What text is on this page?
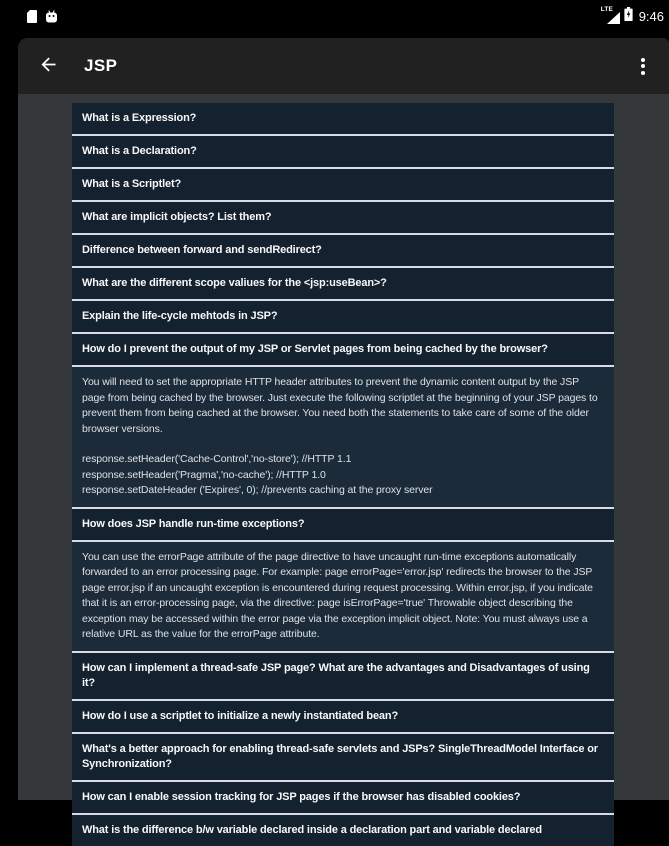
LTE 9:46
JSP
What is a Expression?
What is a Declaration?
What is a Scriptlet?
What are implicit objects? List them?
Difference between forward and sendRedirect?
What are the different scope valiues for the <jsp:useBean>?
Explain the life-cycle mehtods in JSP?
How do I prevent the output of my JSP or Servlet pages from being cached by the browser?
You will need to set the appropriate HTTP header attributes to prevent the dynamic content output by the JSP page from being cached by the browser. Just execute the following scriptlet at the beginning of your JSP pages to prevent them from being cached at the browser. You need both the statements to take care of some of the older browser versions.
response.setHeader('Cache-Control','no-store'); //HTTP 1.1
response.setHeader('Pragma','no-cache'); //HTTP 1.0
response.setDateHeader ('Expires', 0); //prevents caching at the proxy server
How does JSP handle run-time exceptions?
You can use the errorPage attribute of the page directive to have uncaught run-time exceptions automatically forwarded to an error processing page. For example: page errorPage='error.jsp' redirects the browser to the JSP page error.jsp if an uncaught exception is encountered during request processing. Within error.jsp, if you indicate that it is an error-processing page, via the directive: page isErrorPage='true' Throwable object describing the exception may be accessed within the error page via the exception implicit object. Note: You must always use a relative URL as the value for the errorPage attribute.
How can I implement a thread-safe JSP page? What are the advantages and Disadvantages of using it?
How do I use a scriptlet to initialize a newly instantiated bean?
What's a better approach for enabling thread-safe servlets and JSPs? SingleThreadModel Interface or Synchronization?
How can I enable session tracking for JSP pages if the browser has disabled cookies?
What is the difference b/w variable declared inside a declaration part and variable declared
